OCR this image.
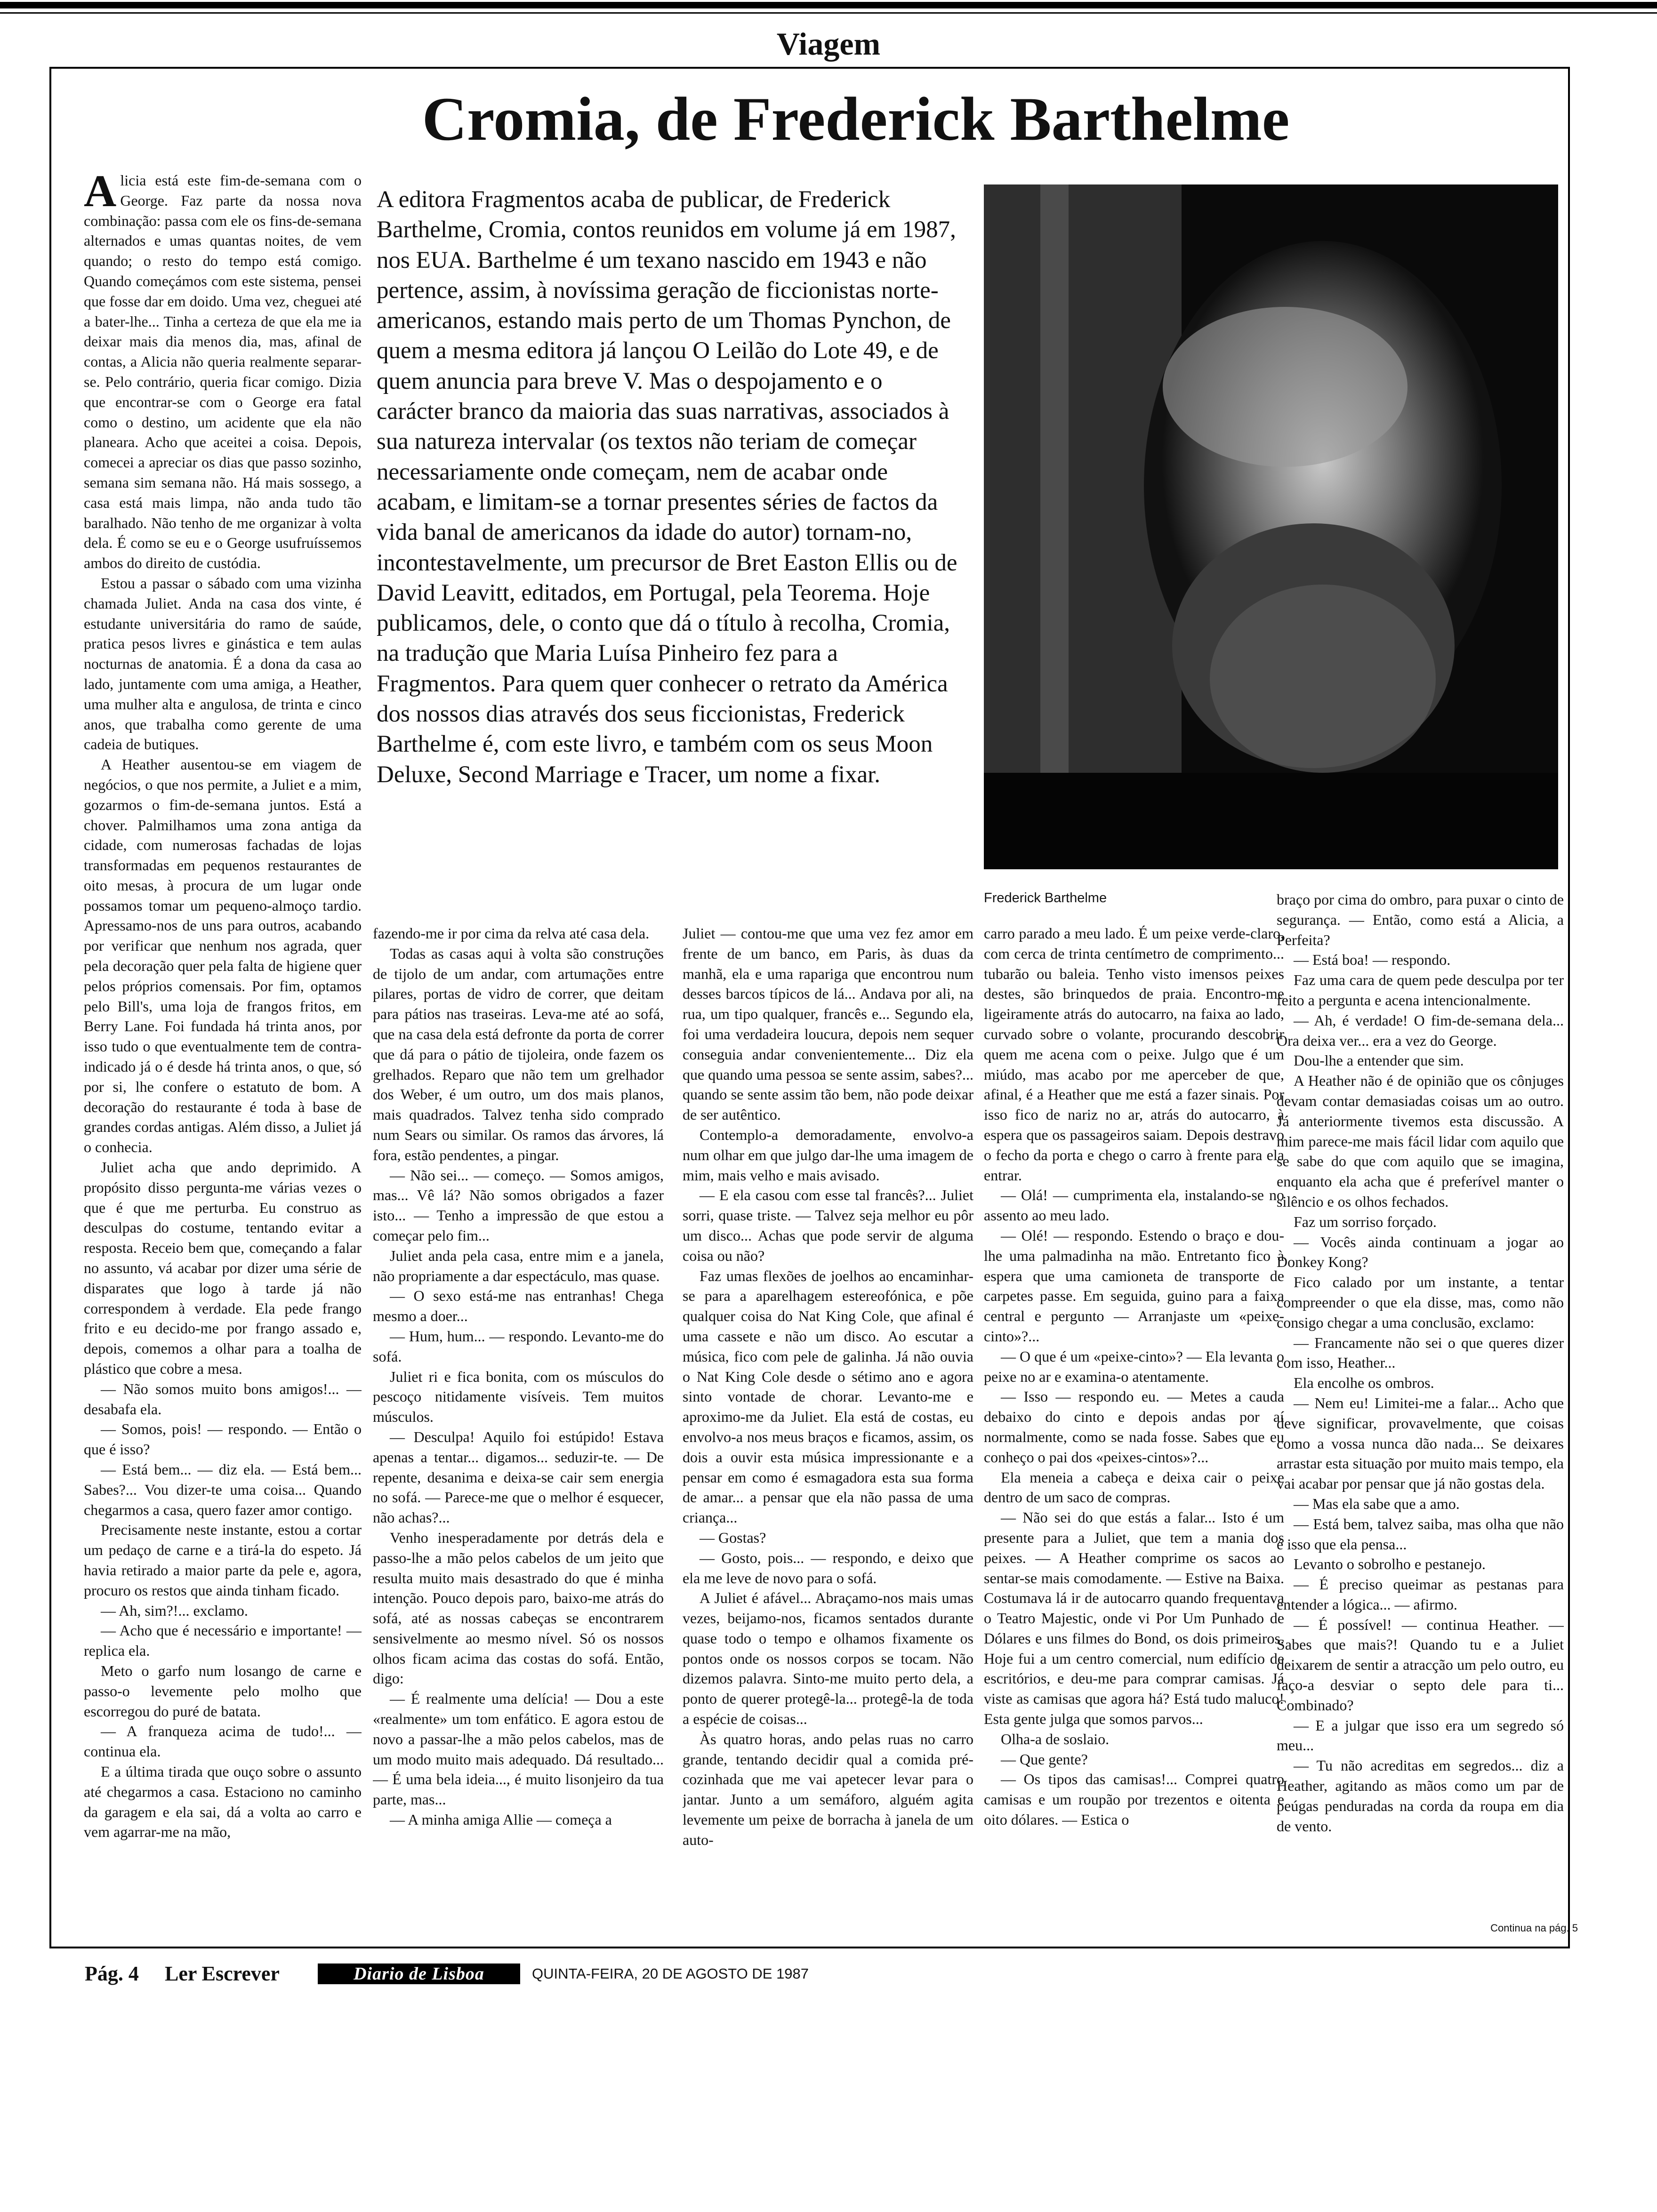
Viagem
Cromia, de Frederick Barthelme

Alicia está este fim-de-semana com o George. Faz parte da nossa nova combinação: passa com ele os fins-de-semana alternados e umas quantas noites, de vem quando; o resto do tempo está comigo. Quando começámos com este sistema, pensei que fosse dar em doido. Uma vez, cheguei até a bater-lhe... Tinha a certeza de que ela me ia deixar mais dia menos dia, mas, afinal de contas, a Alicia não queria realmente separar-se. Pelo contrário, queria ficar comigo. Dizia que encontrar-se com o George era fatal como o destino, um acidente que ela não planeara. Acho que aceitei a coisa. Depois, comecei a apreciar os dias que passo sozinho, semana sim semana não. Há mais sossego, a casa está mais limpa, não anda tudo tão baralhado. Não tenho de me organizar à volta dela. É como se eu e o George usufruíssemos ambos do direito de custódia.

Estou a passar o sábado com uma vizinha chamada Juliet. Anda na casa dos vinte, é estudante universitária do ramo de saúde, pratica pesos livres e ginástica e tem aulas nocturnas de anatomia. É a dona da casa ao lado, juntamente com uma amiga, a Heather, uma mulher alta e angulosa, de trinta e cinco anos, que trabalha como gerente de uma cadeia de butiques.

A Heather ausentou-se em viagem de negócios, o que nos permite, a Juliet e a mim, gozarmos o fim-de-semana juntos. Está a chover. Palmilhamos uma zona antiga da cidade, com numerosas fachadas de lojas transformadas em pequenos restaurantes de oito mesas, à procura de um lugar onde possamos tomar um pequeno-almoço tardio. Apressamo-nos de uns para outros, acabando por verificar que nenhum nos agrada, quer pela decoração quer pela falta de higiene quer pelos próprios comensais. Por fim, optamos pelo Bill's, uma loja de frangos fritos, em Berry Lane. Foi fundada há trinta anos, por isso tudo o que eventualmente tem de contra-indicado já o é desde há trinta anos, o que, só por si, lhe confere o estatuto de bom. A decoração do restaurante é toda à base de grandes cordas antigas. Além disso, a Juliet já o conhecia.

Juliet acha que ando deprimido. A propósito disso pergunta-me várias vezes o que é que me perturba. Eu construo as desculpas do costume, tentando evitar a resposta. Receio bem que, começando a falar no assunto, vá acabar por dizer uma série de disparates que logo à tarde já não correspondem à verdade. Ela pede frango frito e eu decido-me por frango assado e, depois, comemos a olhar para a toalha de plástico que cobre a mesa.

— Não somos muito bons amigos!... — desabafa ela.

— Somos, pois! — respondo. — Então o que é isso?

— Está bem... — diz ela. — Está bem... Sabes?... Vou dizer-te uma coisa... Quando chegarmos a casa, quero fazer amor contigo.

Precisamente neste instante, estou a cortar um pedaço de carne e a tirá-la do espeto. Já havia retirado a maior parte da pele e, agora, procuro os restos que ainda tinham ficado.

— Ah, sim?!... exclamo.

— Acho que é necessário e importante! — replica ela.

Meto o garfo num losango de carne e passo-o levemente pelo molho que escorregou do puré de batata.

— A franqueza acima de tudo!... — continua ela.

E a última tirada que ouço sobre o assunto até chegarmos a casa. Estaciono no caminho da garagem e ela sai, dá a volta ao carro e vem agarrar-me na mão,

A editora Fragmentos acaba de publicar, de Frederick Barthelme, Cromia, contos reunidos em volume já em 1987, nos EUA. Barthelme é um texano nascido em 1943 e não pertence, assim, à novíssima geração de ficcionistas norte-americanos, estando mais perto de um Thomas Pynchon, de quem a mesma editora já lançou O Leilão do Lote 49, e de quem anuncia para breve V. Mas o despojamento e o carácter branco da maioria das suas narrativas, associados à sua natureza intervalar (os textos não teriam de começar necessariamente onde começam, nem de acabar onde acabam, e limitam-se a tornar presentes séries de factos da vida banal de americanos da idade do autor) tornam-no, incontestavelmente, um precursor de Bret Easton Ellis ou de David Leavitt, editados, em Portugal, pela Teorema. Hoje publicamos, dele, o conto que dá o título à recolha, Cromia, na tradução que Maria Luísa Pinheiro fez para a Fragmentos. Para quem quer conhecer o retrato da América dos nossos dias através dos seus ficcionistas, Frederick Barthelme é, com este livro, e também com os seus Moon Deluxe, Second Marriage e Tracer, um nome a fixar.
Frederick Barthelme

fazendo-me ir por cima da relva até casa dela.

Todas as casas aqui à volta são construções de tijolo de um andar, com artumações entre pilares, portas de vidro de correr, que deitam para pátios nas traseiras. Leva-me até ao sofá, que na casa dela está defronte da porta de correr que dá para o pátio de tijoleira, onde fazem os grelhados. Reparo que não tem um grelhador dos Weber, é um outro, um dos mais planos, mais quadrados. Talvez tenha sido comprado num Sears ou similar. Os ramos das árvores, lá fora, estão pendentes, a pingar.

— Não sei... — começo. — Somos amigos, mas... Vê lá? Não somos obrigados a fazer isto... — Tenho a impressão de que estou a começar pelo fim...

Juliet anda pela casa, entre mim e a janela, não propriamente a dar espectáculo, mas quase.

— O sexo está-me nas entranhas! Chega mesmo a doer...

— Hum, hum... — respondo. Levanto-me do sofá.

Juliet ri e fica bonita, com os músculos do pescoço nitidamente visíveis. Tem muitos músculos.

— Desculpa! Aquilo foi estúpido! Estava apenas a tentar... digamos... seduzir-te. — De repente, desanima e deixa-se cair sem energia no sofá. — Parece-me que o melhor é esquecer, não achas?...

Venho inesperadamente por detrás dela e passo-lhe a mão pelos cabelos de um jeito que resulta muito mais desastrado do que é minha intenção. Pouco depois paro, baixo-me atrás do sofá, até as nossas cabeças se encontrarem sensivelmente ao mesmo nível. Só os nossos olhos ficam acima das costas do sofá. Então, digo:

— É realmente uma delícia! — Dou a este «realmente» um tom enfático. E agora estou de novo a passar-lhe a mão pelos cabelos, mas de um modo muito mais adequado. Dá resultado... — É uma bela ideia..., é muito lisonjeiro da tua parte, mas...

— A minha amiga Allie — começa a

Juliet — contou-me que uma vez fez amor em frente de um banco, em Paris, às duas da manhã, ela e uma rapariga que encontrou num desses barcos típicos de lá... Andava por ali, na rua, um tipo qualquer, francês e... Segundo ela, foi uma verdadeira loucura, depois nem sequer conseguia andar convenientemente... Diz ela que quando uma pessoa se sente assim, sabes?... quando se sente assim tão bem, não pode deixar de ser autêntico.

Contemplo-a demoradamente, envolvo-a num olhar em que julgo dar-lhe uma imagem de mim, mais velho e mais avisado.

— E ela casou com esse tal francês?... Juliet sorri, quase triste. — Talvez seja melhor eu pôr um disco... Achas que pode servir de alguma coisa ou não?

Faz umas flexões de joelhos ao encaminhar-se para a aparelhagem estereofónica, e põe qualquer coisa do Nat King Cole, que afinal é uma cassete e não um disco. Ao escutar a música, fico com pele de galinha. Já não ouvia o Nat King Cole desde o sétimo ano e agora sinto vontade de chorar. Levanto-me e aproximo-me da Juliet. Ela está de costas, eu envolvo-a nos meus braços e ficamos, assim, os dois a ouvir esta música impressionante e a pensar em como é esmagadora esta sua forma de amar... a pensar que ela não passa de uma criança...

— Gostas?

— Gosto, pois... — respondo, e deixo que ela me leve de novo para o sofá.

A Juliet é afável... Abraçamo-nos mais umas vezes, beijamo-nos, ficamos sentados durante quase todo o tempo e olhamos fixamente os pontos onde os nossos corpos se tocam. Não dizemos palavra. Sinto-me muito perto dela, a ponto de querer protegê-la... protegê-la de toda a espécie de coisas...

Às quatro horas, ando pelas ruas no carro grande, tentando decidir qual a comida pré-cozinhada que me vai apetecer levar para o jantar. Junto a um semáforo, alguém agita levemente um peixe de borracha à janela de um auto-

carro parado a meu lado. É um peixe verde-claro, com cerca de trinta centímetro de comprimento... tubarão ou baleia. Tenho visto imensos peixes destes, são brinquedos de praia. Encontro-me ligeiramente atrás do autocarro, na faixa ao lado, curvado sobre o volante, procurando descobrir quem me acena com o peixe. Julgo que é um miúdo, mas acabo por me aperceber de que, afinal, é a Heather que me está a fazer sinais. Por isso fico de nariz no ar, atrás do autocarro, à espera que os passageiros saiam. Depois destravo o fecho da porta e chego o carro à frente para ela entrar.

— Olá! — cumprimenta ela, instalando-se no assento ao meu lado.

— Olé! — respondo. Estendo o braço e dou-lhe uma palmadinha na mão. Entretanto fico à espera que uma camioneta de transporte de carpetes passe. Em seguida, guino para a faixa central e pergunto — Arranjaste um «peixe-cinto»?...

— O que é um «peixe-cinto»? — Ela levanta o peixe no ar e examina-o atentamente.

— Isso — respondo eu. — Metes a cauda debaixo do cinto e depois andas por aí normalmente, como se nada fosse. Sabes que eu conheço o pai dos «peixes-cintos»?...

Ela meneia a cabeça e deixa cair o peixe dentro de um saco de compras.

— Não sei do que estás a falar... Isto é um presente para a Juliet, que tem a mania dos peixes. — A Heather comprime os sacos ao sentar-se mais comodamente. — Estive na Baixa. Costumava lá ir de autocarro quando frequentava o Teatro Majestic, onde vi Por Um Punhado de Dólares e uns filmes do Bond, os dois primeiros. Hoje fui a um centro comercial, num edifício de escritórios, e deu-me para comprar camisas. Já viste as camisas que agora há? Está tudo maluco! Esta gente julga que somos parvos...

Olha-a de soslaio.

— Que gente?

— Os tipos das camisas!... Comprei quatro camisas e um roupão por trezentos e oitenta e oito dólares. — Estica o

braço por cima do ombro, para puxar o cinto de segurança. — Então, como está a Alicia, a Perfeita?

— Está boa! — respondo.

Faz uma cara de quem pede desculpa por ter feito a pergunta e acena intencionalmente.

— Ah, é verdade! O fim-de-semana dela... Ora deixa ver... era a vez do George.

Dou-lhe a entender que sim.

A Heather não é de opinião que os cônjuges devam contar demasiadas coisas um ao outro. Já anteriormente tivemos esta discussão. A mim parece-me mais fácil lidar com aquilo que se sabe do que com aquilo que se imagina, enquanto ela acha que é preferível manter o silêncio e os olhos fechados.

Faz um sorriso forçado.

— Vocês ainda continuam a jogar ao Donkey Kong?

Fico calado por um instante, a tentar compreender o que ela disse, mas, como não consigo chegar a uma conclusão, exclamo:

— Francamente não sei o que queres dizer com isso, Heather...

Ela encolhe os ombros.

— Nem eu! Limitei-me a falar... Acho que deve significar, provavelmente, que coisas como a vossa nunca dão nada... Se deixares arrastar esta situação por muito mais tempo, ela vai acabar por pensar que já não gostas dela.

— Mas ela sabe que a amo.

— Está bem, talvez saiba, mas olha que não é isso que ela pensa...

Levanto o sobrolho e pestanejo.

— É preciso queimar as pestanas para entender a lógica... — afirmo.

— É possível! — continua Heather. — Sabes que mais?! Quando tu e a Juliet deixarem de sentir a atracção um pelo outro, eu faço-a desviar o septo dele para ti... Combinado?

— E a julgar que isso era um segredo só meu...

— Tu não acreditas em segredos... diz a Heather, agitando as mãos como um par de peúgas penduradas na corda da roupa em dia de vento.

Continua na pág. 5
Pág. 4 Ler Escrever	Diario de Lisboa	QUINTA-FEIRA, 20 DE AGOSTO DE 1987
